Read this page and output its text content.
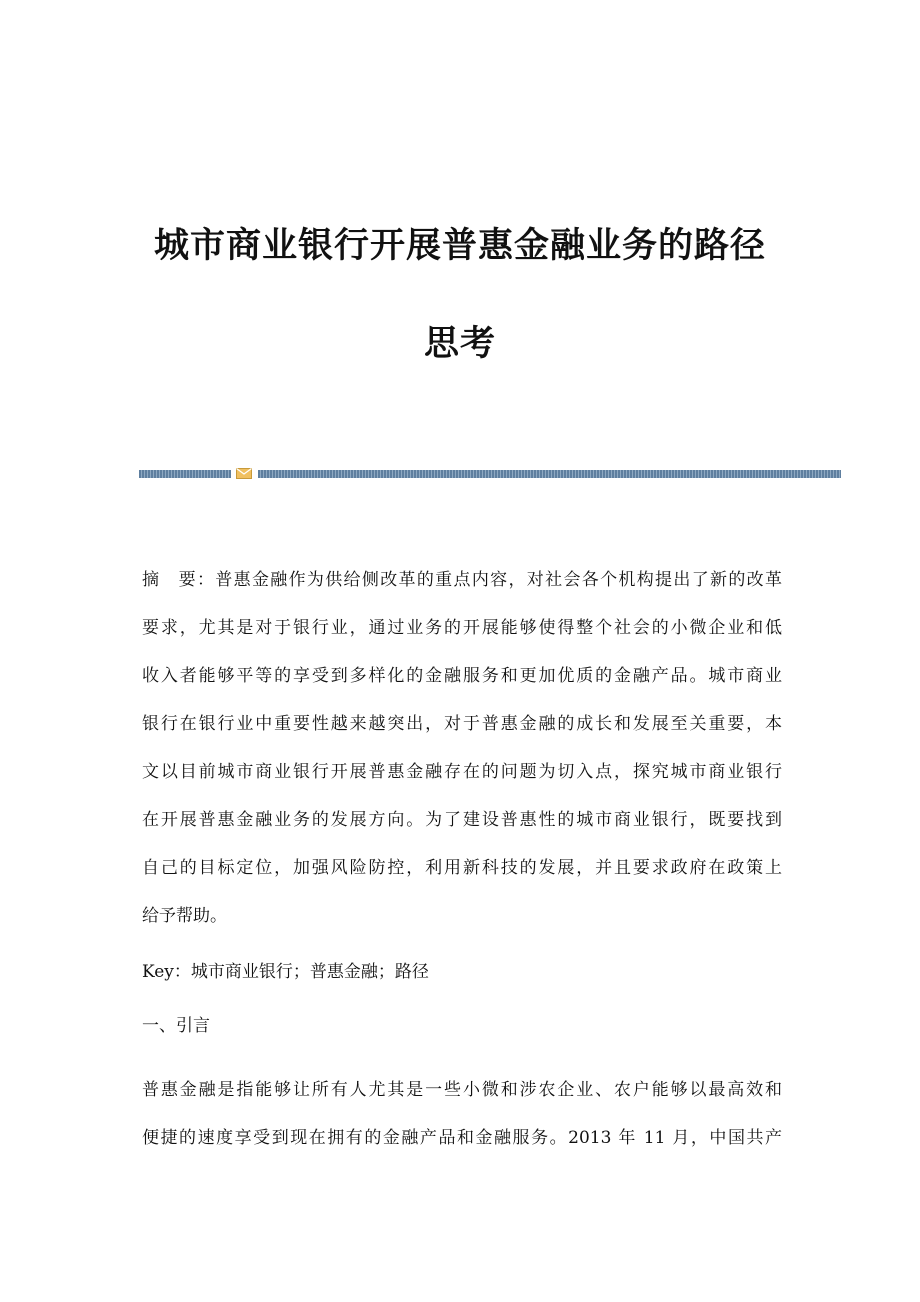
城市商业银行开展普惠金融业务的路径
思考
摘　要：普惠金融作为供给侧改革的重点内容，对社会各个机构提出了新的改革
要求，尤其是对于银行业，通过业务的开展能够使得整个社会的小微企业和低
收入者能够平等的享受到多样化的金融服务和更加优质的金融产品。城市商业
银行在银行业中重要性越来越突出，对于普惠金融的成长和发展至关重要，本
文以目前城市商业银行开展普惠金融存在的问题为切入点，探究城市商业银行
在开展普惠金融业务的发展方向。为了建设普惠性的城市商业银行，既要找到
自己的目标定位，加强风险防控，利用新科技的发展，并且要求政府在政策上
给予帮助。
Key：城市商业银行；普惠金融；路径
一、引言
普惠金融是指能够让所有人尤其是一些小微和涉农企业、农户能够以最高效和
便捷的速度享受到现在拥有的金融产品和金融服务。2013 年 11 月，中国共产
